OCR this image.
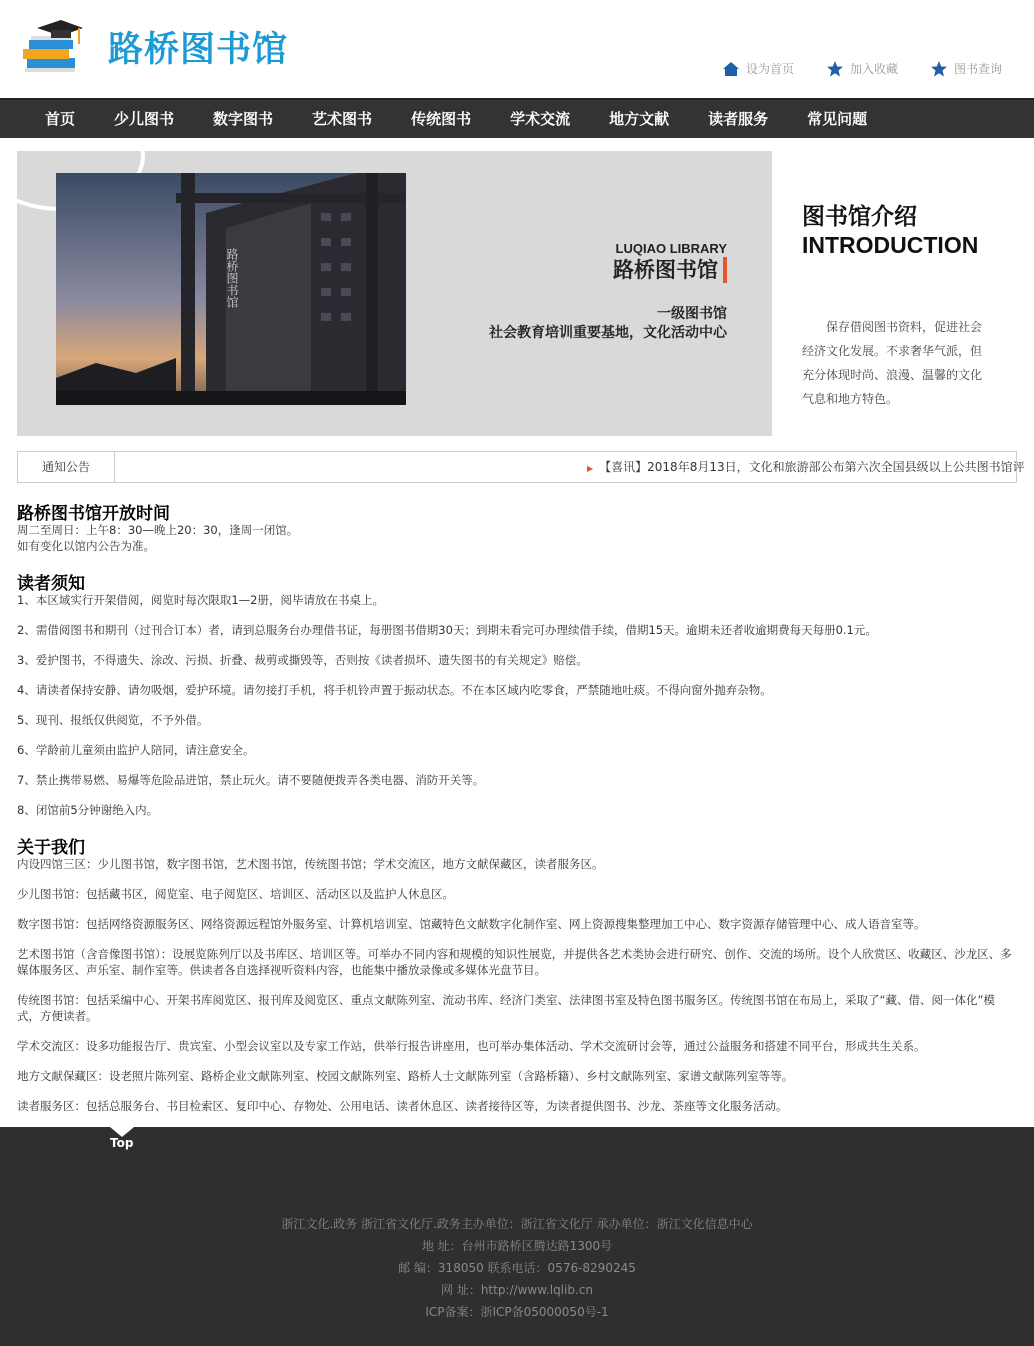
路桥图书馆	设为首页	加入收藏	图书查询
首页	少儿图书	数字图书	艺术图书	传统图书	学术交流	地方文献	读者服务	常见问题
路桥图书馆	LUQIAO LIBRARY
路桥图书馆
一级图书馆
社会教育培训重要基地，文化活动中心
图书馆介绍
INTRODUCTION
保存借阅图书资料，促进社会经济文化发展。不求奢华气派，但充分体现时尚、浪漫、温馨的文化气息和地方特色。
通知公告	▶ 【喜讯】2018年8月13日，文化和旅游部公布第六次全国县级以上公共图书馆评
路桥图书馆开放时间
周二至周日：上午8：30—晚上20：30，逢周一闭馆。
如有变化以馆内公告为准。
读者须知
1、本区域实行开架借阅，阅览时每次限取1—2册，阅毕请放在书桌上。
2、需借阅图书和期刊（过刊合订本）者，请到总服务台办理借书证，每册图书借期30天；到期未看完可办理续借手续，借期15天。逾期未还者收逾期费每天每册0.1元。
3、爱护图书，不得遗失、涂改、污损、折叠、裁剪或撕毁等，否则按《读者损坏、遗失图书的有关规定》赔偿。
4、请读者保持安静、请勿吸烟，爱护环境。请勿接打手机，将手机铃声置于振动状态。不在本区域内吃零食，严禁随地吐痰。不得向窗外抛弃杂物。
5、现刊、报纸仅供阅览，不予外借。
6、学龄前儿童须由监护人陪同，请注意安全。
7、禁止携带易燃、易爆等危险品进馆，禁止玩火。请不要随便拨弄各类电器、消防开关等。
8、闭馆前5分钟谢绝入内。
关于我们
内设四馆三区：少儿图书馆，数字图书馆，艺术图书馆，传统图书馆；学术交流区，地方文献保藏区，读者服务区。
少儿图书馆：包括藏书区，阅览室、电子阅览区、培训区、活动区以及监护人休息区。
数字图书馆：包括网络资源服务区、网络资源远程馆外服务室、计算机培训室、馆藏特色文献数字化制作室、网上资源搜集整理加工中心、数字资源存储管理中心、成人语音室等。
艺术图书馆（含音像图书馆）：设展览陈列厅以及书库区、培训区等。可举办不同内容和规模的知识性展览，并提供各艺术类协会进行研究、创作、交流的场所。设个人欣赏区、收藏区、沙龙区、多媒体服务区、声乐室、制作室等。供读者各自选择视听资料内容，也能集中播放录像或多媒体光盘节目。
传统图书馆：包括采编中心、开架书库阅览区、报刊库及阅览区、重点文献陈列室、流动书库、经济门类室、法律图书室及特色图书服务区。传统图书馆在布局上，采取了“藏、借、阅一体化”模式，方便读者。
学术交流区：设多功能报告厅、贵宾室、小型会议室以及专家工作站，供举行报告讲座用，也可举办集体活动、学术交流研讨会等，通过公益服务和搭建不同平台，形成共生关系。
地方文献保藏区：设老照片陈列室、路桥企业文献陈列室、校园文献陈列室、路桥人士文献陈列室（含路桥籍）、乡村文献陈列室、家谱文献陈列室等等。
读者服务区：包括总服务台、书目检索区、复印中心、存物处、公用电话、读者休息区、读者接待区等，为读者提供图书、沙龙、茶座等文化服务活动。
Top
浙江文化.政务 浙江省文化厅.政务主办单位：浙江省文化厅 承办单位：浙江文化信息中心
地 址：台州市路桥区腾达路1300号
邮 编：318050 联系电话：0576-8290245
网 址：http://www.lqlib.cn
ICP备案：浙ICP备05000050号-1
